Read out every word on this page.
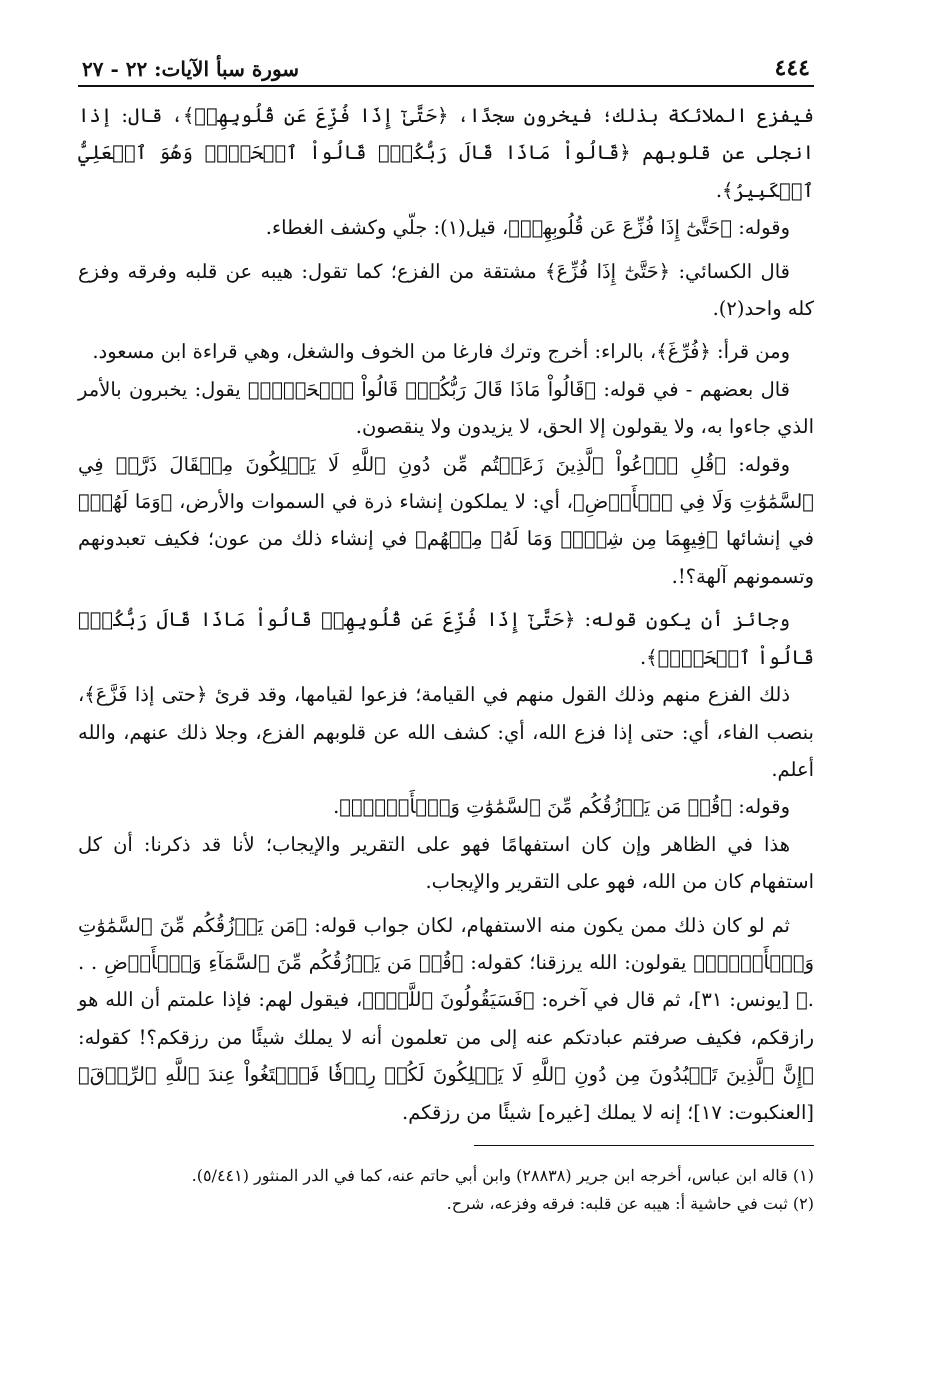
٤٤٤
سورة سبأ الآيات: ٢٢ - ٢٧

فيفزع الملائكة بذلك؛ فيخرون سجدًا، ﴿حَتَّىٰٓ إِذَا فُزِّعَ عَن قُلُوبِهِمۡ﴾، قال: إذا انجلى عن قلوبهم ﴿قَالُواْ مَاذَا قَالَ رَبُّكُمۡۖ قَالُواْ ٱلۡحَقَّۖ وَهُوَ ٱلۡعَلِيُّ ٱلۡكَبِيرُ﴾.

وقوله: ﴿حَتَّىٰٓ إِذَا فُزِّعَ عَن قُلُوبِهِمۡ﴾، قيل(١): جلّي وكشف الغطاء.

قال الكسائي: ﴿حَتَّىٰٓ إِذَا فُزِّعَ﴾ مشتقة من الفزع؛ كما تقول: هيبه عن قلبه وفرقه وفزع كله واحد(٢).

ومن قرأ: ﴿فُرِّغَ﴾، بالراء: أخرج وترك فارغا من الخوف والشغل، وهي قراءة ابن مسعود.

قال بعضهم - في قوله: ﴿قَالُواْ مَاذَا قَالَ رَبُّكُمۡۖ قَالُواْ ٱلۡحَقَّۖ﴾ يقول: يخبرون بالأمر الذي جاءوا به، ولا يقولون إلا الحق، لا يزيدون ولا ينقصون.

وقوله: ﴿قُلِ ٱدۡعُواْ ٱلَّذِينَ زَعَمۡتُم مِّن دُونِ ٱللَّهِ لَا يَمۡلِكُونَ مِثۡقَالَ ذَرَّةٖ فِي ٱلسَّمَٰوَٰتِ وَلَا فِي ٱلۡأَرۡضِ﴾، أي: لا يملكون إنشاء ذرة في السموات والأرض، ﴿وَمَا لَهُمۡ﴾ في إنشائها ﴿فِيهِمَا مِن شِرۡكٖ وَمَا لَهُۥ مِنۡهُم﴾ في إنشاء ذلك من عون؛ فكيف تعبدونهم وتسمونهم آلهة؟!.

وجائز أن يكون قوله: ﴿حَتَّىٰٓ إِذَا فُزِّعَ عَن قُلُوبِهِمۡ قَالُواْ مَاذَا قَالَ رَبُّكُمۡۖ قَالُواْ ٱلۡحَقَّۖ﴾.

ذلك الفزع منهم وذلك القول منهم في القيامة؛ فزعوا لقيامها، وقد قرئ ﴿حتى إذا فَزَّعَ﴾، بنصب الفاء، أي: حتى إذا فزع الله، أي: كشف الله عن قلوبهم الفزع، وجلا ذلك عنهم، والله أعلم.

وقوله: ﴿قُلۡ مَن يَرۡزُقُكُم مِّنَ ٱلسَّمَٰوَٰتِ وَٱلۡأَرۡضِۖ﴾.

هذا في الظاهر وإن كان استفهامًا فهو على التقرير والإيجاب؛ لأنا قد ذكرنا: أن كل استفهام كان من الله، فهو على التقرير والإيجاب.

ثم لو كان ذلك ممن يكون منه الاستفهام، لكان جواب قوله: ﴿مَن يَرۡزُقُكُم مِّنَ ٱلسَّمَٰوَٰتِ وَٱلۡأَرۡضِۖ﴾ يقولون: الله يرزقنا؛ كقوله: ﴿قُلۡ مَن يَرۡزُقُكُم مِّنَ ٱلسَّمَآءِ وَٱلۡأَرۡضِ . . .﴾ [يونس: ٣١]، ثم قال في آخره: ﴿فَسَيَقُولُونَ ٱللَّهُۚ﴾، فيقول لهم: فإذا علمتم أن الله هو رازقكم، فكيف صرفتم عبادتكم عنه إلى من تعلمون أنه لا يملك شيئًا من رزقكم؟! كقوله: ﴿إِنَّ ٱلَّذِينَ تَعۡبُدُونَ مِن دُونِ ٱللَّهِ لَا يَمۡلِكُونَ لَكُمۡ رِزۡقٗا فَٱبۡتَغُواْ عِندَ ٱللَّهِ ٱلرِّزۡقَ﴾ [العنكبوت: ١٧]؛ إنه لا يملك [غيره] شيئًا من رزقكم.

(١) قاله ابن عباس، أخرجه ابن جرير (٢٨٨٣٨) وابن أبي حاتم عنه، كما في الدر المنثور (٥/٤٤١).
(٢) ثبت في حاشية أ: هيبه عن قلبه: فرقه وفزعه، شرح.
